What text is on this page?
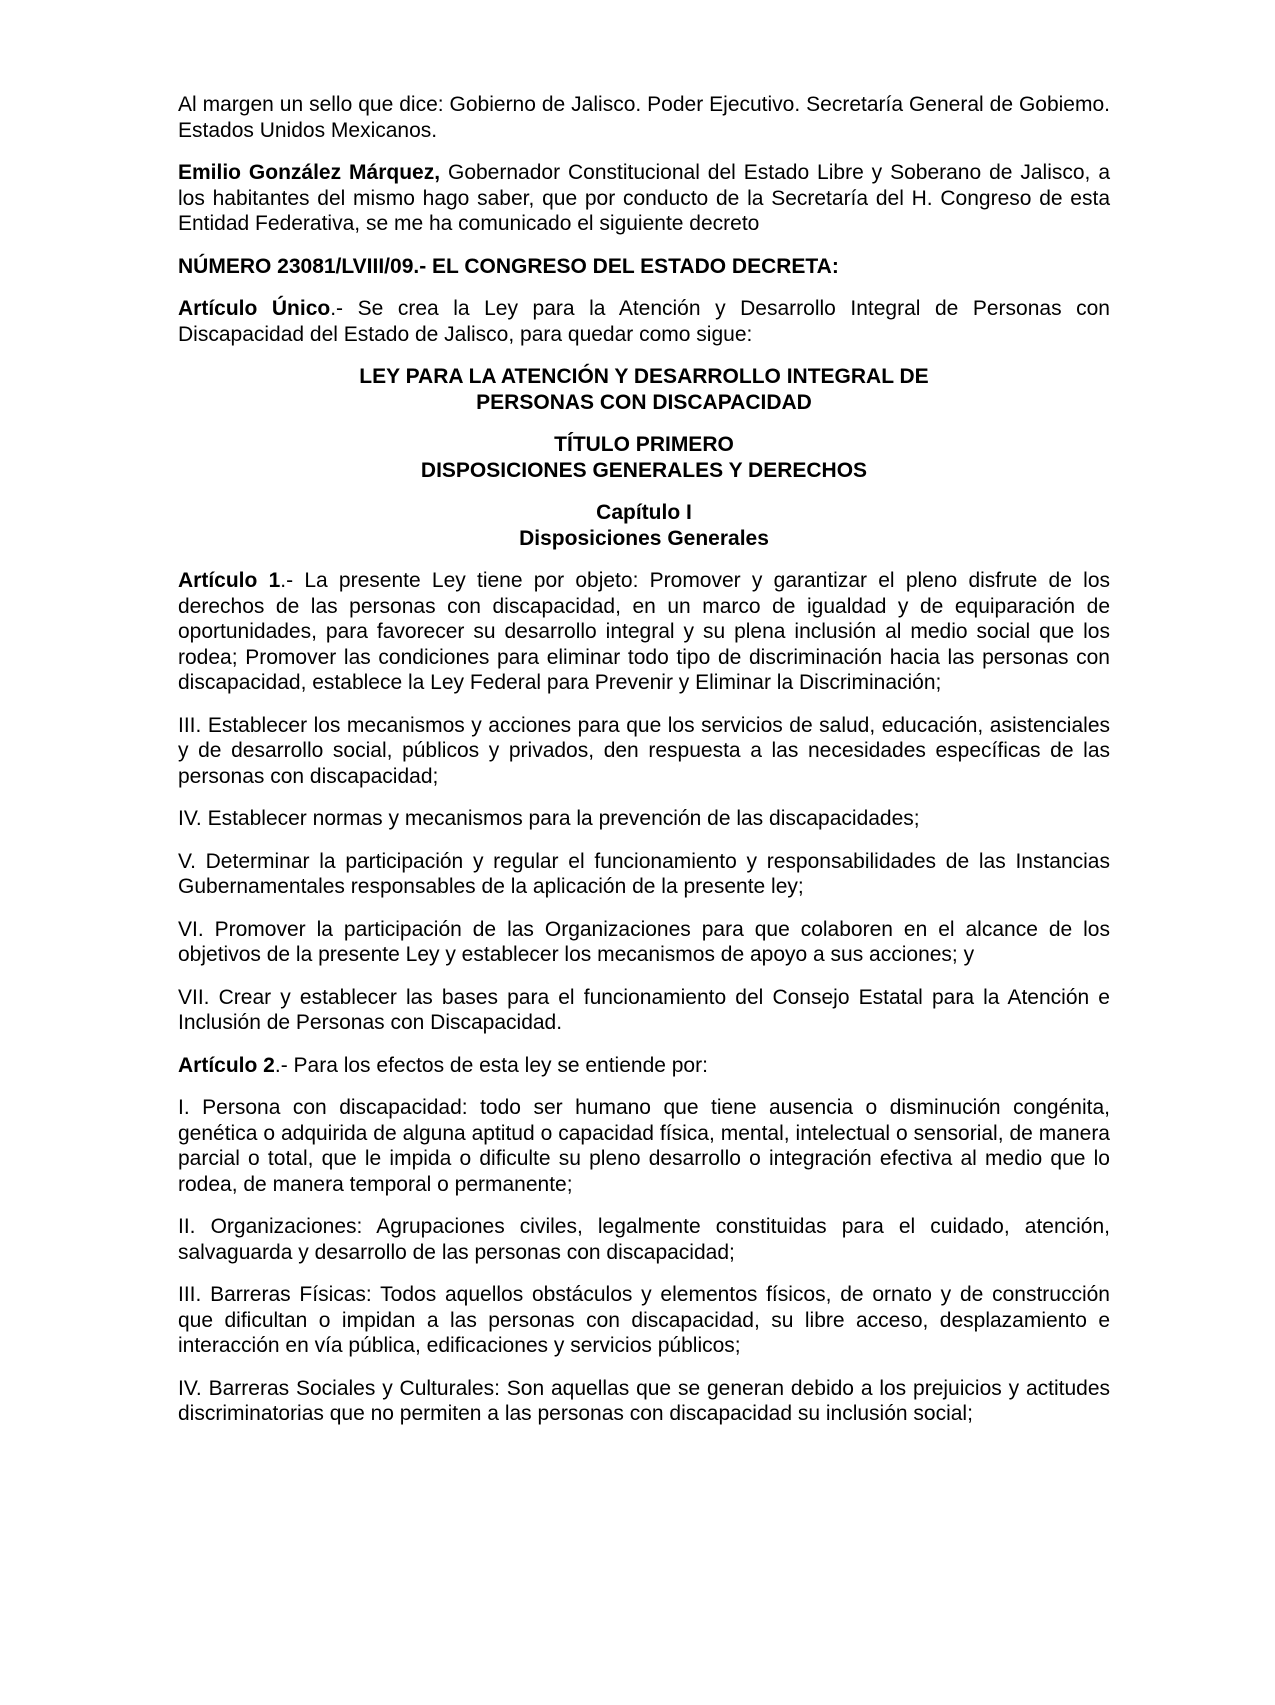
Al margen un sello que dice: Gobierno de Jalisco. Poder Ejecutivo. Secretaría General de Gobiemo. Estados Unidos Mexicanos.

Emilio González Márquez, Gobernador Constitucional del Estado Libre y Soberano de Jalisco, a los habitantes del mismo hago saber, que por conducto de la Secretaría del H. Congreso de esta Entidad Federativa, se me ha comunicado el siguiente decreto

NÚMERO 23081/LVIII/09.- EL CONGRESO DEL ESTADO DECRETA:

Artículo Único.- Se crea la Ley para la Atención y Desarrollo Integral de Personas con Discapacidad del Estado de Jalisco, para quedar como sigue:

LEY PARA LA ATENCIÓN Y DESARROLLO INTEGRAL DE
PERSONAS CON DISCAPACIDAD
TÍTULO PRIMERO
DISPOSICIONES GENERALES Y DERECHOS
Capítulo I
Disposiciones Generales

Artículo 1.- La presente Ley tiene por objeto: Promover y garantizar el pleno disfrute de los derechos de las personas con discapacidad, en un marco de igualdad y de equiparación de oportunidades, para favorecer su desarrollo integral y su plena inclusión al medio social que los rodea; Promover las condiciones para eliminar todo tipo de discriminación hacia las personas con discapacidad, establece la Ley Federal para Prevenir y Eliminar la Discriminación;

III. Establecer los mecanismos y acciones para que los servicios de salud, educación, asistenciales y de desarrollo social, públicos y privados, den respuesta a las necesidades específicas de las personas con discapacidad;

IV. Establecer normas y mecanismos para la prevención de las discapacidades;

V. Determinar la participación y regular el funcionamiento y responsabilidades de las Instancias Gubernamentales responsables de la aplicación de la presente ley;

VI. Promover la participación de las Organizaciones para que colaboren en el alcance de los objetivos de la presente Ley y establecer los mecanismos de apoyo a sus acciones; y

VII. Crear y establecer las bases para el funcionamiento del Consejo Estatal para la Atención e Inclusión de Personas con Discapacidad.

Artículo 2.- Para los efectos de esta ley se entiende por:

I. Persona con discapacidad: todo ser humano que tiene ausencia o disminución congénita, genética o adquirida de alguna aptitud o capacidad física, mental, intelectual o sensorial, de manera parcial o total, que le impida o dificulte su pleno desarrollo o integración efectiva al medio que lo rodea, de manera temporal o permanente;

II. Organizaciones: Agrupaciones civiles, legalmente constituidas para el cuidado, atención, salvaguarda y desarrollo de las personas con discapacidad;

III. Barreras Físicas: Todos aquellos obstáculos y elementos físicos, de ornato y de construcción que dificultan o impidan a las personas con discapacidad, su libre acceso, desplazamiento e interacción en vía pública, edificaciones y servicios públicos;

IV. Barreras Sociales y Culturales: Son aquellas que se generan debido a los prejuicios y actitudes discriminatorias que no permiten a las personas con discapacidad su inclusión social;
